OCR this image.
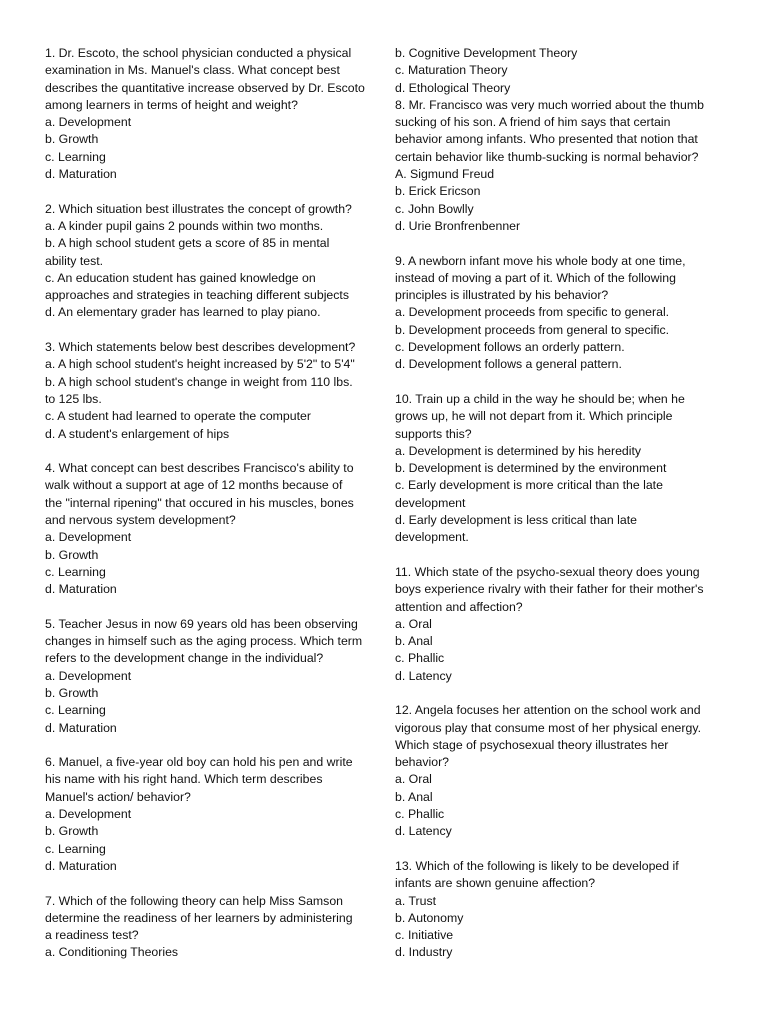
1. Dr. Escoto, the school physician conducted a physical
examination in Ms. Manuel's class. What concept best
describes the quantitative increase observed by Dr. Escoto
among learners in terms of height and weight?
a. Development
b. Growth
c. Learning
d. Maturation
2. Which situation best illustrates the concept of growth?
a. A kinder pupil gains 2 pounds within two months.
b. A high school student gets a score of 85 in mental
ability test.
c. An education student has gained knowledge on
approaches and strategies in teaching different subjects
d. An elementary grader has learned to play piano.
3. Which statements below best describes development?
a. A high school student's height increased by 5'2" to 5'4"
b. A high school student's change in weight from 110 lbs.
to 125 lbs.
c. A student had learned to operate the computer
d. A student's enlargement of hips
4. What concept can best describes Francisco's ability to
walk without a support at age of 12 months because of
the "internal ripening" that occured in his muscles, bones
and nervous system development?
a. Development
b. Growth
c. Learning
d. Maturation
5. Teacher Jesus in now 69 years old has been observing
changes in himself such as the aging process. Which term
refers to the development change in the individual?
a. Development
b. Growth
c. Learning
d. Maturation
6. Manuel, a five-year old boy can hold his pen and write
his name with his right hand. Which term describes
Manuel's action/ behavior?
a. Development
b. Growth
c. Learning
d. Maturation
7. Which of the following theory can help Miss Samson
determine the readiness of her learners by administering
a readiness test?
a. Conditioning Theories
b. Cognitive Development Theory
c. Maturation Theory
d. Ethological Theory
8. Mr. Francisco was very much worried about the thumb
sucking of his son. A friend of him says that certain
behavior among infants. Who presented that notion that
certain behavior like thumb-sucking is normal behavior?
A. Sigmund Freud
b. Erick Ericson
c. John Bowlly
d. Urie Bronfrenbenner
9. A newborn infant move his whole body at one time,
instead of moving a part of it. Which of the following
principles is illustrated by his behavior?
a. Development proceeds from specific to general.
b. Development proceeds from general to specific.
c. Development follows an orderly pattern.
d. Development follows a general pattern.
10. Train up a child in the way he should be; when he
grows up, he will not depart from it. Which principle
supports this?
a. Development is determined by his heredity
b. Development is determined by the environment
c. Early development is more critical than the late
development
d. Early development is less critical than late
development.
11. Which state of the psycho-sexual theory does young
boys experience rivalry with their father for their mother's
attention and affection?
a. Oral
b. Anal
c. Phallic
d. Latency
12. Angela focuses her attention on the school work and
vigorous play that consume most of her physical energy.
Which stage of psychosexual theory illustrates her
behavior?
a. Oral
b. Anal
c. Phallic
d. Latency
13. Which of the following is likely to be developed if
infants are shown genuine affection?
a. Trust
b. Autonomy
c. Initiative
d. Industry
